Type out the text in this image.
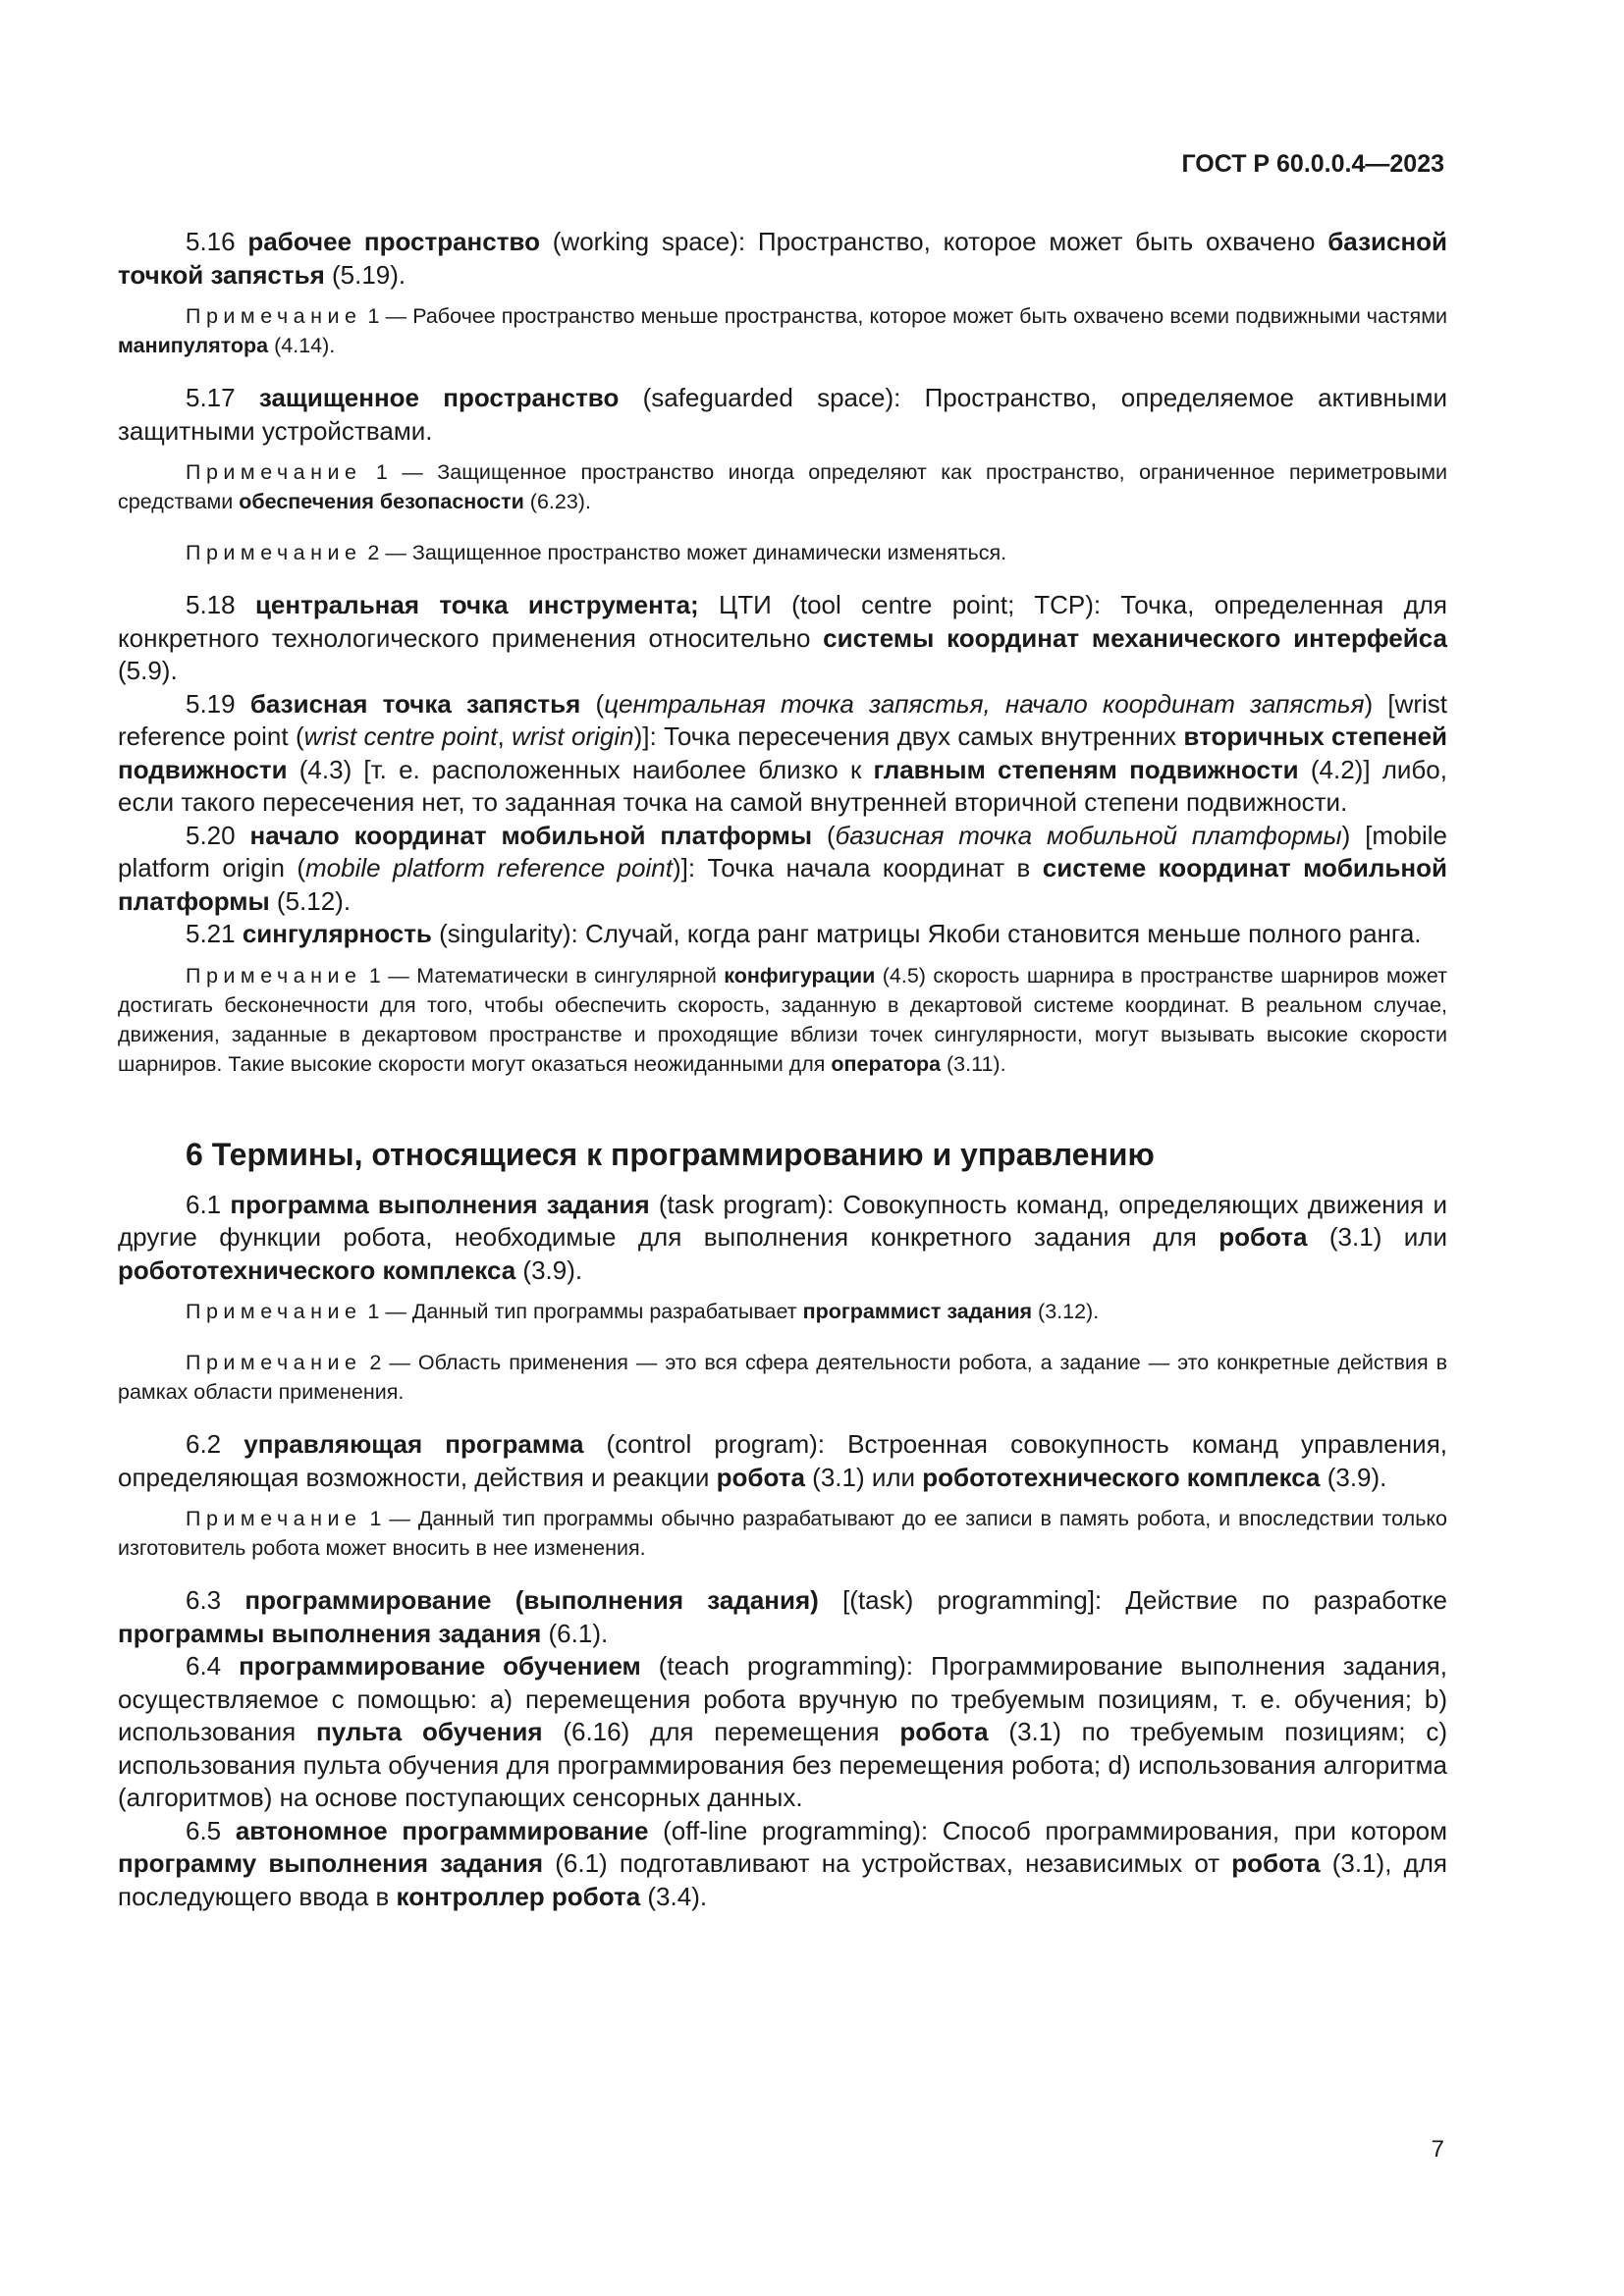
ГОСТ Р 60.0.0.4—2023

5.16 рабочее пространство (working space): Пространство, которое может быть охвачено базисной точкой запястья (5.19).

Примечание 1 — Рабочее пространство меньше пространства, которое может быть охвачено всеми подвижными частями манипулятора (4.14).

5.17 защищенное пространство (safeguarded space): Пространство, определяемое активными защитными устройствами.

Примечание 1 — Защищенное пространство иногда определяют как пространство, ограниченное периметровыми средствами обеспечения безопасности (6.23).

Примечание 2 — Защищенное пространство может динамически изменяться.

5.18 центральная точка инструмента; ЦТИ (tool centre point; TCP): Точка, определенная для конкретного технологического применения относительно системы координат механического интерфейса (5.9).

5.19 базисная точка запястья (центральная точка запястья, начало координат запястья) [wrist reference point (wrist centre point, wrist origin)]: Точка пересечения двух самых внутренних вторичных степеней подвижности (4.3) [т. е. расположенных наиболее близко к главным степеням подвижности (4.2)] либо, если такого пересечения нет, то заданная точка на самой внутренней вторичной степени подвижности.

5.20 начало координат мобильной платформы (базисная точка мобильной платформы) [mobile platform origin (mobile platform reference point)]: Точка начала координат в системе координат мобильной платформы (5.12).

5.21 сингулярность (singularity): Случай, когда ранг матрицы Якоби становится меньше полного ранга.

Примечание 1 — Математически в сингулярной конфигурации (4.5) скорость шарнира в пространстве шарниров может достигать бесконечности для того, чтобы обеспечить скорость, заданную в декартовой системе координат. В реальном случае, движения, заданные в декартовом пространстве и проходящие вблизи точек сингулярности, могут вызывать высокие скорости шарниров. Такие высокие скорости могут оказаться неожиданными для оператора (3.11).

6 Термины, относящиеся к программированию и управлению

6.1 программа выполнения задания (task program): Совокупность команд, определяющих движения и другие функции робота, необходимые для выполнения конкретного задания для робота (3.1) или робототехнического комплекса (3.9).

Примечание 1 — Данный тип программы разрабатывает программист задания (3.12).

Примечание 2 — Область применения — это вся сфера деятельности робота, а задание — это конкретные действия в рамках области применения.

6.2 управляющая программа (control program): Встроенная совокупность команд управления, определяющая возможности, действия и реакции робота (3.1) или робототехнического комплекса (3.9).

Примечание 1 — Данный тип программы обычно разрабатывают до ее записи в память робота, и впоследствии только изготовитель робота может вносить в нее изменения.

6.3 программирование (выполнения задания) [(task) programming]: Действие по разработке программы выполнения задания (6.1).

6.4 программирование обучением (teach programming): Программирование выполнения задания, осуществляемое с помощью: a) перемещения робота вручную по требуемым позициям, т. е. обучения; b) использования пульта обучения (6.16) для перемещения робота (3.1) по требуемым позициям; c) использования пульта обучения для программирования без перемещения робота; d) использования алгоритма (алгоритмов) на основе поступающих сенсорных данных.

6.5 автономное программирование (off-line programming): Способ программирования, при котором программу выполнения задания (6.1) подготавливают на устройствах, независимых от робота (3.1), для последующего ввода в контроллер робота (3.4).

7
